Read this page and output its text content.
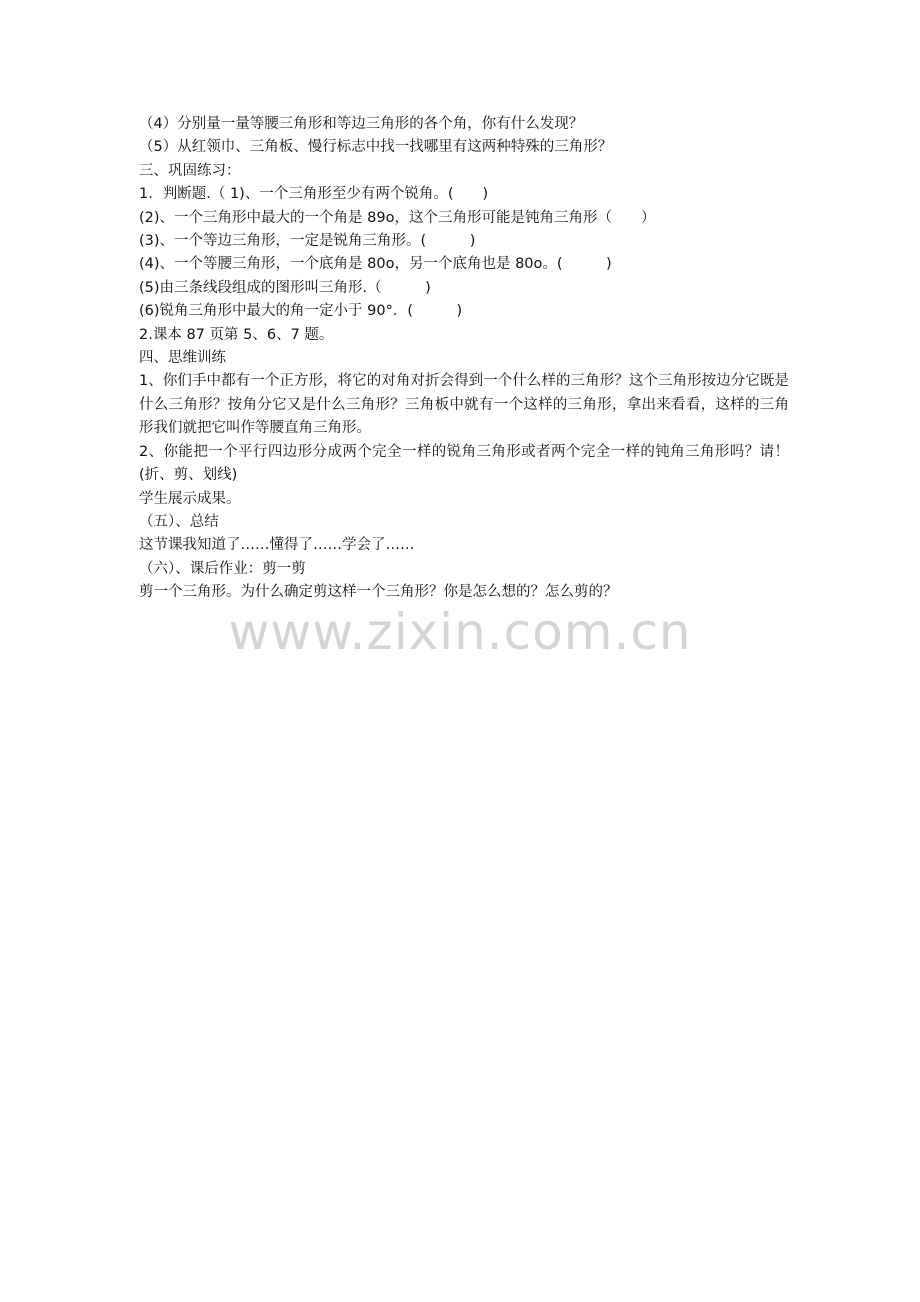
（4）分别量一量等腰三角形和等边三角形的各个角，你有什么发现？

（5）从红领巾、三角板、慢行标志中找一找哪里有这两种特殊的三角形？

三、巩固练习：

1．判断题.（ 1)、一个三角形至少有两个锐角。(　　)

(2)、一个三角形中最大的一个角是 89o，这个三角形可能是钝角三角形（　　）

(3)、一个等边三角形，一定是锐角三角形。(　　　)

(4)、一个等腰三角形，一个底角是 80o，另一个底角也是 80o。(　　　)

(5)由三条线段组成的图形叫三角形.（　　　)

(6)锐角三角形中最大的角一定小于 90°．(　　　)

2.课本 87 页第 5、6、7 题。

四、思维训练

1、你们手中都有一个正方形，将它的对角对折会得到一个什么样的三角形？这个三角形按边分它既是什么三角形？按角分它又是什么三角形？三角板中就有一个这样的三角形，拿出来看看，这样的三角形我们就把它叫作等腰直角三角形。

2、你能把一个平行四边形分成两个完全一样的锐角三角形或者两个完全一样的钝角三角形吗？请！(折、剪、划线)

学生展示成果。

（五）、总结

这节课我知道了……懂得了……学会了……

（六）、课后作业：剪一剪

剪一个三角形。为什么确定剪这样一个三角形？你是怎么想的？怎么剪的？

www.zixin.com.cn
